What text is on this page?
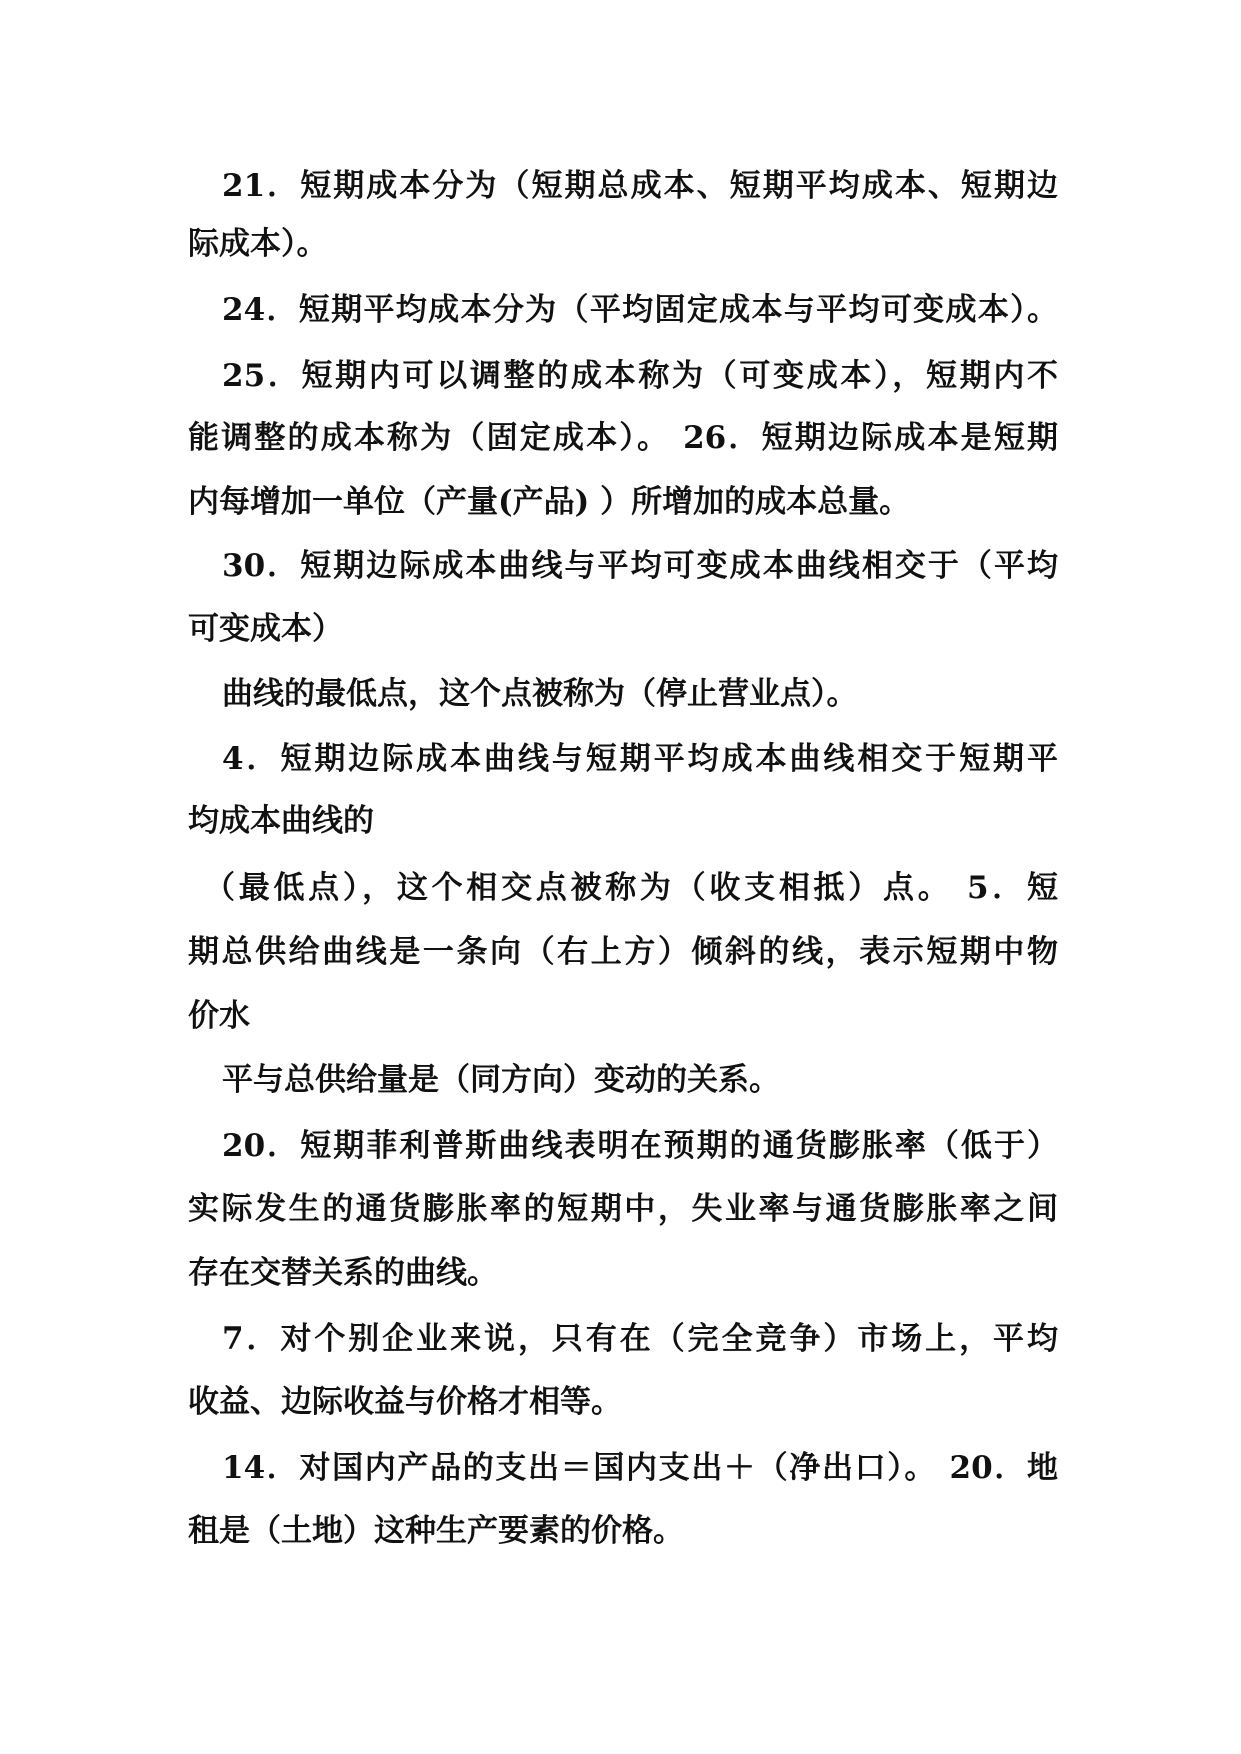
21．短期成本分为（短期总成本、短期平均成本、短期边
际成本）。
24．短期平均成本分为（平均固定成本与平均可变成本）。
25．短期内可以调整的成本称为（可变成本），短期内不
能调整的成本称为（固定成本）。 26．短期边际成本是短期
内每增加一单位（产量(产品) ）所增加的成本总量。
30．短期边际成本曲线与平均可变成本曲线相交于（平均
可变成本）
曲线的最低点，这个点被称为（停止营业点）。
4．短期边际成本曲线与短期平均成本曲线相交于短期平
均成本曲线的
（最低点），这个相交点被称为（收支相抵）点。 5．短
期总供给曲线是一条向（右上方）倾斜的线，表示短期中物
价水
平与总供给量是（同方向）变动的关系。
20．短期菲利普斯曲线表明在预期的通货膨胀率（低于）
实际发生的通货膨胀率的短期中，失业率与通货膨胀率之间
存在交替关系的曲线。
7．对个别企业来说，只有在（完全竞争）市场上，平均
收益、边际收益与价格才相等。
14．对国内产品的支出＝国内支出＋（净出口）。 20．地
租是（土地）这种生产要素的价格。
